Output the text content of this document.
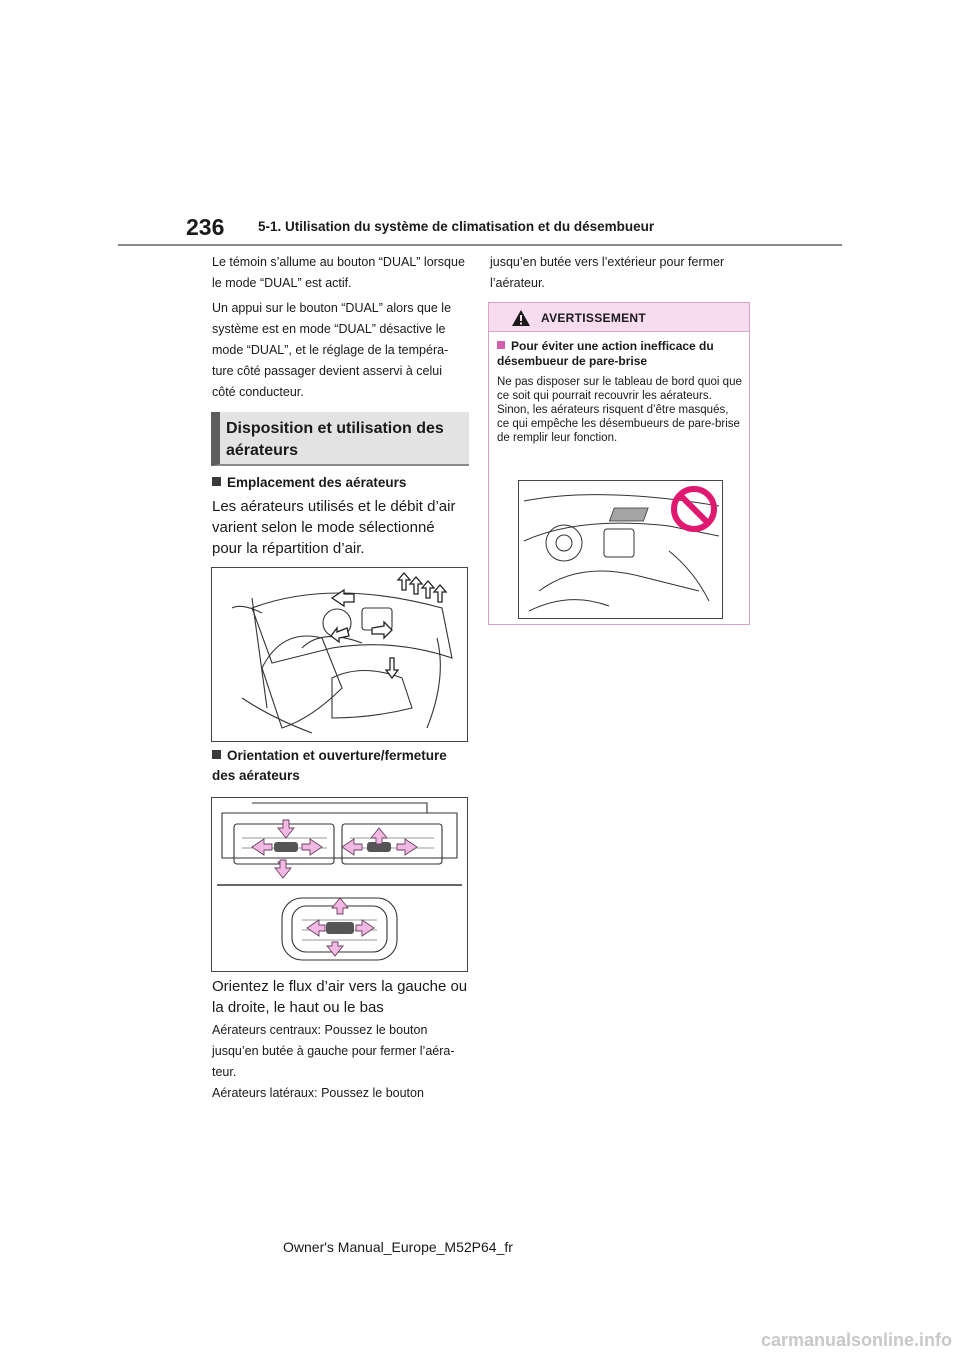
236 5-1. Utilisation du système de climatisation et du désembueur

Le témoin s’allume au bouton “DUAL” lorsque le mode “DUAL” est actif.

Un appui sur le bouton “DUAL” alors que le système est en mode “DUAL” désactive le mode “DUAL”, et le réglage de la tempéra-ture côté passager devient asservi à celui côté conducteur.

Disposition et utilisation des aérateurs
Emplacement des aérateurs
Les aérateurs utilisés et le débit d’air varient selon le mode sélectionné pour la répartition d’air.
Orientation et ouverture/fermeture des aérateurs
Orientez le flux d’air vers la gauche ou la droite, le haut ou le bas
Aérateurs centraux: Poussez le bouton jusqu’en butée à gauche pour fermer l’aéra-teur.
Aérateurs latéraux: Poussez le bouton
jusqu’en butée vers l’extérieur pour fermer l’aérateur.
AVERTISSEMENT
Pour éviter une action inefficace du désembueur de pare-brise
Ne pas disposer sur le tableau de bord quoi que ce soit qui pourrait recouvrir les aérateurs. Sinon, les aérateurs risquent d’être masqués, ce qui empêche les désembueurs de pare-brise de remplir leur fonction.
Owner's Manual_Europe_M52P64_fr
carmanualsonline.info
